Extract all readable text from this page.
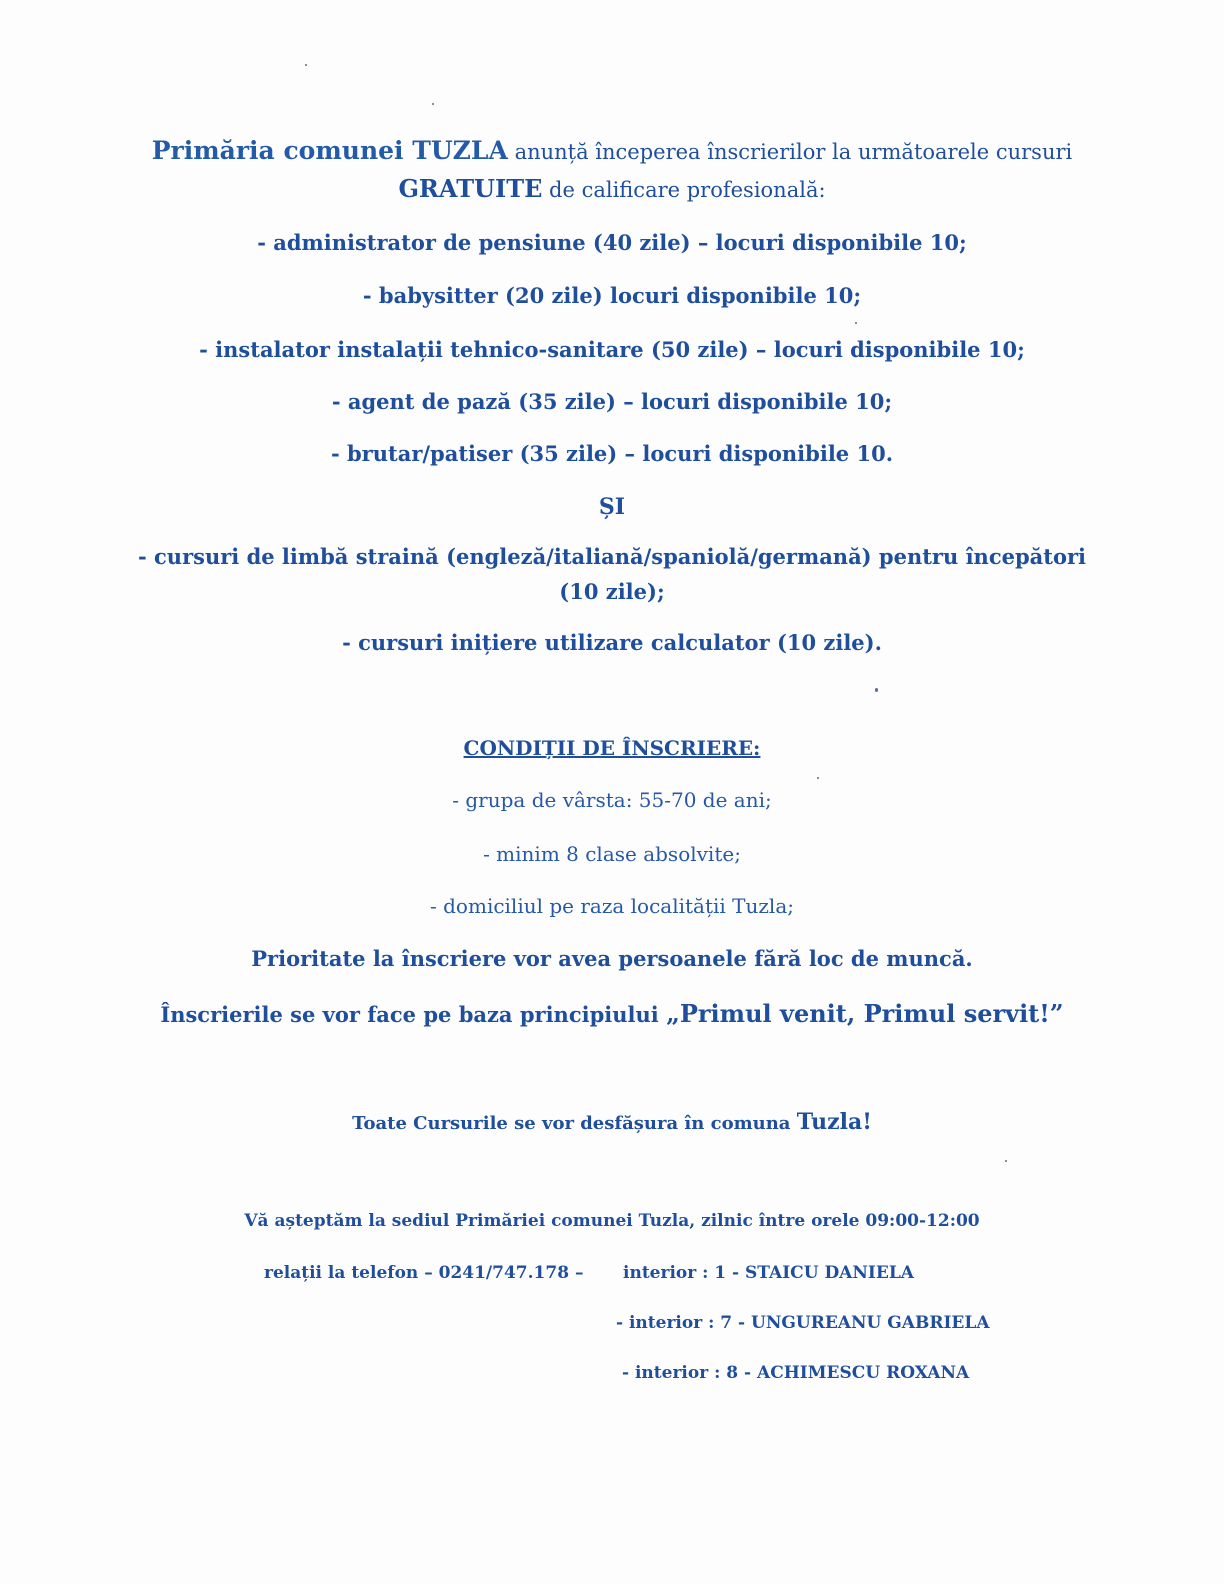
Primăria comunei TUZLA anunță începerea înscrierilor la următoarele cursuri
GRATUITE de calificare profesională:
- administrator de pensiune (40 zile) – locuri disponibile 10;
- babysitter (20 zile) locuri disponibile 10;
- instalator instalații tehnico-sanitare (50 zile) – locuri disponibile 10;
- agent de pază (35 zile) – locuri disponibile 10;
- brutar/patiser (35 zile) – locuri disponibile 10.
ȘI
- cursuri de limbă straină (engleză/italiană/spaniolă/germană) pentru începători
(10 zile);
- cursuri inițiere utilizare calculator (10 zile).
CONDIȚII DE ÎNSCRIERE:
- grupa de vârsta: 55-70 de ani;
- minim 8 clase absolvite;
- domiciliul pe raza localității Tuzla;
Prioritate la înscriere vor avea persoanele fără loc de muncă.
Înscrierile se vor face pe baza principiului „Primul venit, Primul servit!”
Toate Cursurile se vor desfășura în comuna Tuzla!
Vă așteptăm la sediul Primăriei comunei Tuzla, zilnic între orele 09:00-12:00
relații la telefon – 0241/747.178 – interior : 1 - STAICU DANIELA
- interior : 7 - UNGUREANU GABRIELA
- interior : 8 - ACHIMESCU ROXANA
